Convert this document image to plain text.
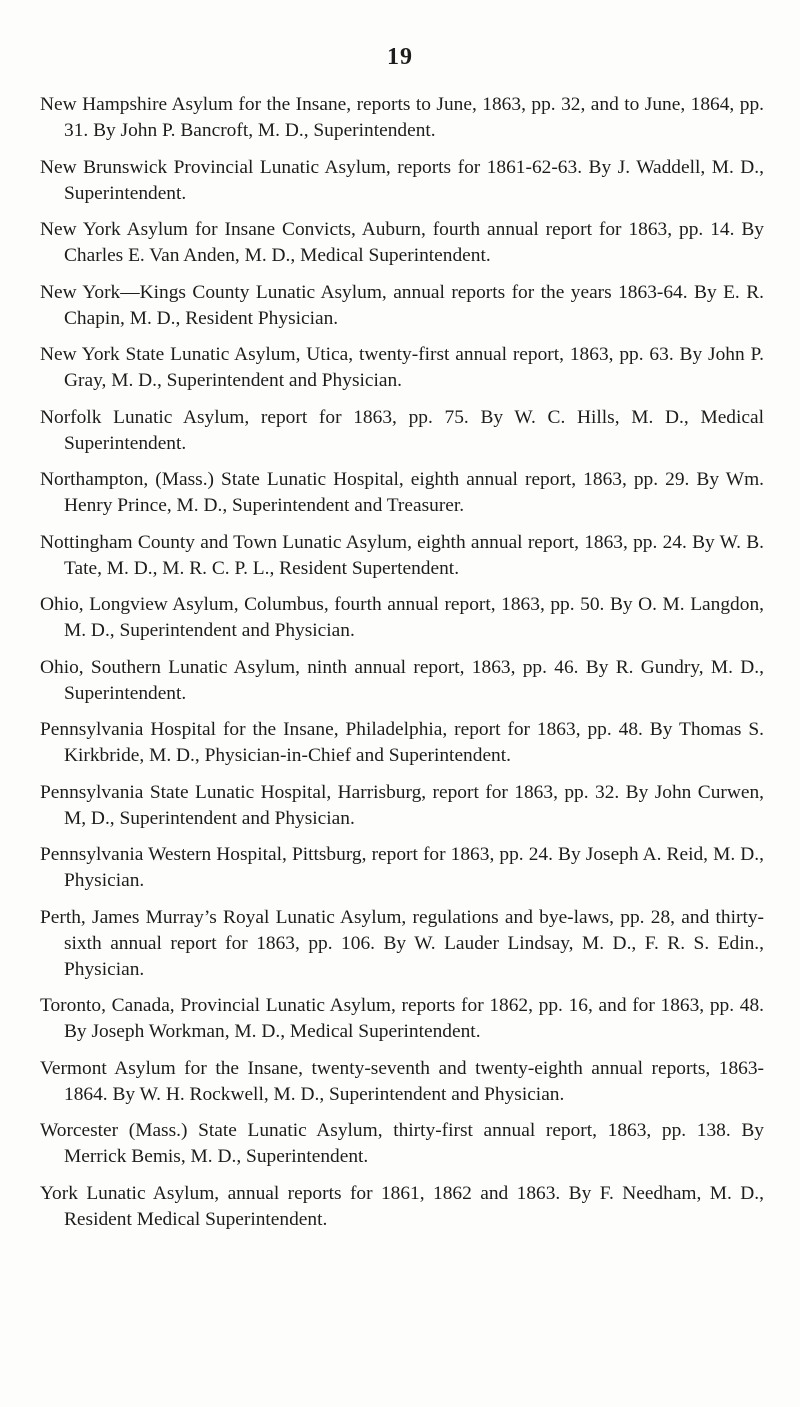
19
New Hampshire Asylum for the Insane, reports to June, 1863, pp. 32, and to June, 1864, pp. 31. By John P. Bancroft, M. D., Superintendent.
New Brunswick Provincial Lunatic Asylum, reports for 1861-62-63. By J. Waddell, M. D., Superintendent.
New York Asylum for Insane Convicts, Auburn, fourth annual report for 1863, pp. 14. By Charles E. Van Anden, M. D., Medical Superintendent.
New York—Kings County Lunatic Asylum, annual reports for the years 1863-64. By E. R. Chapin, M. D., Resident Physician.
New York State Lunatic Asylum, Utica, twenty-first annual report, 1863, pp. 63. By John P. Gray, M. D., Superintendent and Physician.
Norfolk Lunatic Asylum, report for 1863, pp. 75. By W. C. Hills, M. D., Medical Superintendent.
Northampton, (Mass.) State Lunatic Hospital, eighth annual report, 1863, pp. 29. By Wm. Henry Prince, M. D., Superintendent and Treasurer.
Nottingham County and Town Lunatic Asylum, eighth annual report, 1863, pp. 24. By W. B. Tate, M. D., M. R. C. P. L., Resident Supertendent.
Ohio, Longview Asylum, Columbus, fourth annual report, 1863, pp. 50. By O. M. Langdon, M. D., Superintendent and Physician.
Ohio, Southern Lunatic Asylum, ninth annual report, 1863, pp. 46. By R. Gundry, M. D., Superintendent.
Pennsylvania Hospital for the Insane, Philadelphia, report for 1863, pp. 48. By Thomas S. Kirkbride, M. D., Physician-in-Chief and Superintendent.
Pennsylvania State Lunatic Hospital, Harrisburg, report for 1863, pp. 32. By John Curwen, M, D., Superintendent and Physician.
Pennsylvania Western Hospital, Pittsburg, report for 1863, pp. 24. By Joseph A. Reid, M. D., Physician.
Perth, James Murray’s Royal Lunatic Asylum, regulations and bye-laws, pp. 28, and thirty-sixth annual report for 1863, pp. 106. By W. Lauder Lindsay, M. D., F. R. S. Edin., Physician.
Toronto, Canada, Provincial Lunatic Asylum, reports for 1862, pp. 16, and for 1863, pp. 48. By Joseph Workman, M. D., Medical Superintendent.
Vermont Asylum for the Insane, twenty-seventh and twenty-eighth annual reports, 1863-1864. By W. H. Rockwell, M. D., Superintendent and Physician.
Worcester (Mass.) State Lunatic Asylum, thirty-first annual report, 1863, pp. 138. By Merrick Bemis, M. D., Superintendent.
York Lunatic Asylum, annual reports for 1861, 1862 and 1863. By F. Needham, M. D., Resident Medical Superintendent.
